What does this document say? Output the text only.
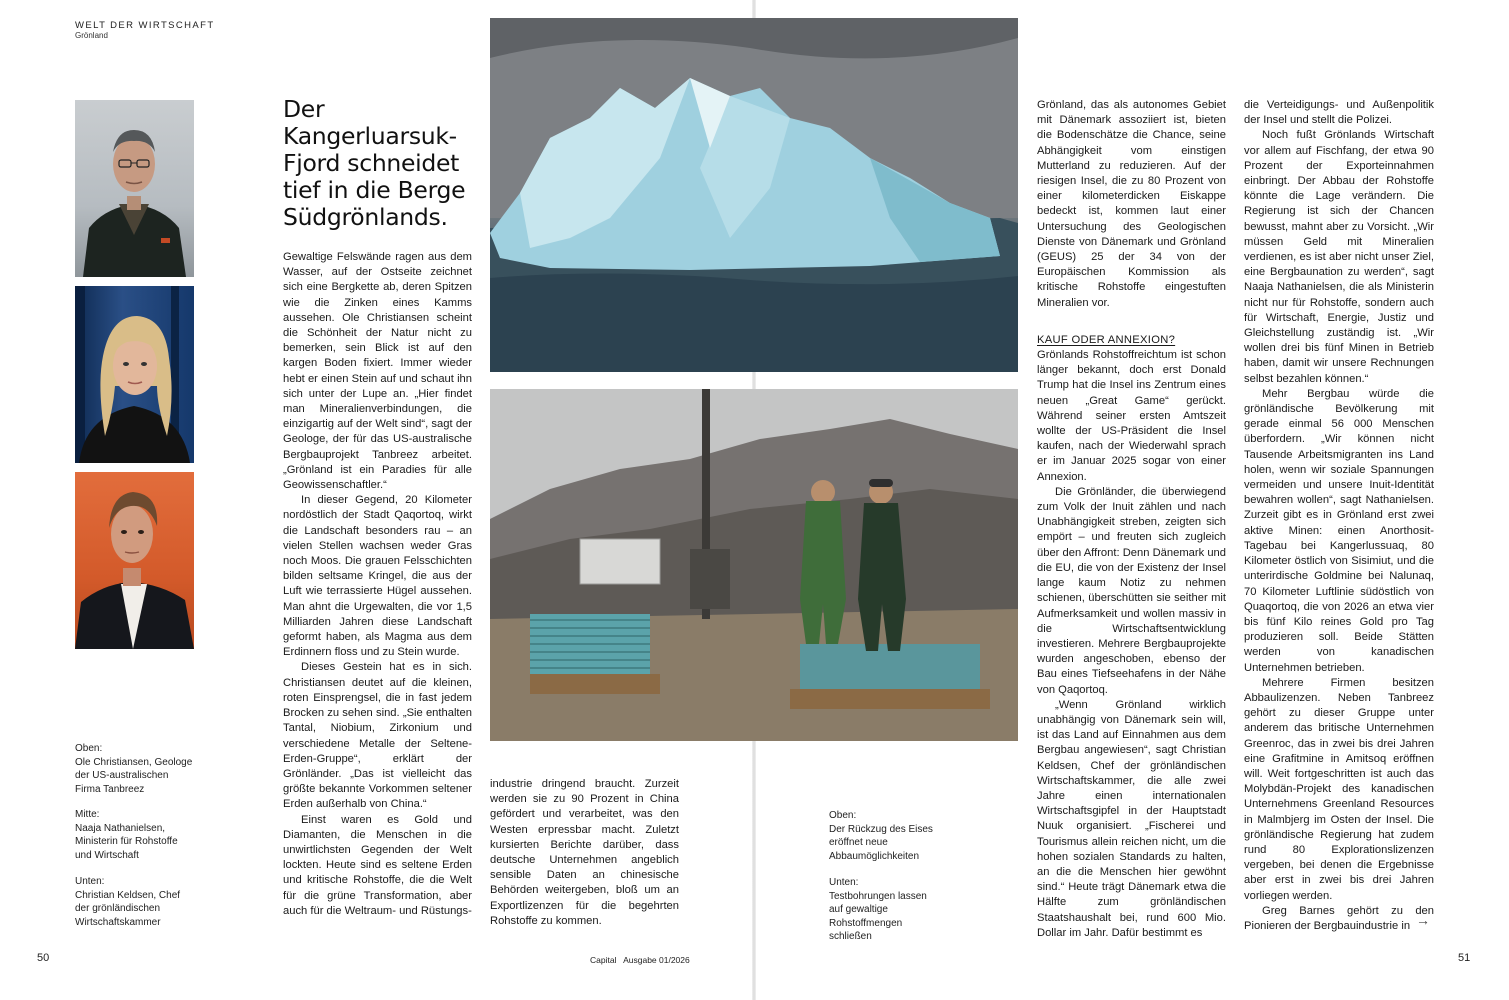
WELT DER WIRTSCHAFT
Grönland
Oben:
Ole Christiansen, Geologe der US-australischen Firma Tanbreez
Mitte:
Naaja Nathanielsen, Ministerin für Rohstoffe und Wirtschaft
Unten:
Christian Keldsen, Chef der grönländischen Wirtschaftskammer
Der Kangerluarsuk-Fjord schneidet tief in die Berge Südgrönlands.

Gewaltige Felswände ragen aus dem Wasser, auf der Ostseite zeichnet sich eine Bergkette ab, deren Spitzen wie die Zinken eines Kamms aussehen. Ole Christiansen scheint die Schönheit der Natur nicht zu bemerken, sein Blick ist auf den kargen Boden fixiert. Immer wieder hebt er einen Stein auf und schaut ihn sich unter der Lupe an. „Hier findet man Mineralienverbindungen, die einzigartig auf der Welt sind“, sagt der Geologe, der für das US-australische Bergbauprojekt Tanbreez arbeitet. „Grönland ist ein Paradies für alle Geowissenschaftler.“

In dieser Gegend, 20 Kilometer nordöstlich der Stadt Qaqortoq, wirkt die Landschaft besonders rau – an vielen Stellen wachsen weder Gras noch Moos. Die grauen Felsschichten bilden seltsame Kringel, die aus der Luft wie terrassierte Hügel aussehen. Man ahnt die Urgewalten, die vor 1,5 Milliarden Jahren diese Landschaft geformt haben, als Magma aus dem Erdinnern floss und zu Stein wurde.

Dieses Gestein hat es in sich. Christiansen deutet auf die kleinen, roten Einsprengsel, die in fast jedem Brocken zu sehen sind. „Sie enthalten Tantal, Niobium, Zirkonium und verschiedene Metalle der Seltene-Erden-Gruppe“, erklärt der Grönländer. „Das ist vielleicht das größte bekannte Vorkommen seltener Erden außerhalb von China.“

Einst waren es Gold und Diamanten, die Menschen in die unwirtlichsten Gegenden der Welt lockten. Heute sind es seltene Erden und kritische Rohstoffe, die die Welt für die grüne Transformation, aber auch für die Weltraum- und Rüstungs-

industrie dringend braucht. Zurzeit werden sie zu 90 Prozent in China gefördert und verarbeitet, was den Westen erpressbar macht. Zuletzt kursierten Berichte darüber, dass deutsche Unternehmen angeblich sensible Daten an chinesische Behörden weitergeben, bloß um an Exportlizenzen für die begehrten Rohstoffe zu kommen.

Oben:
Der Rückzug des Eises eröffnet neue Abbaumöglichkeiten
Unten:
Testbohrungen lassen auf gewaltige Rohstoffmengen schließen

Grönland, das als autonomes Gebiet mit Dänemark assoziiert ist, bieten die Bodenschätze die Chance, seine Abhängigkeit vom einstigen Mutterland zu reduzieren. Auf der riesigen Insel, die zu 80 Prozent von einer kilometerdicken Eiskappe bedeckt ist, kommen laut einer Untersuchung des Geologischen Dienste von Dänemark und Grönland (GEUS) 25 der 34 von der Europäischen Kommission als kritische Rohstoffe eingestuften Mineralien vor.

KAUF ODER ANNEXION?

Grönlands Rohstoffreichtum ist schon länger bekannt, doch erst Donald Trump hat die Insel ins Zentrum eines neuen „Great Game“ gerückt. Während seiner ersten Amtszeit wollte der US-Präsident die Insel kaufen, nach der Wiederwahl sprach er im Januar 2025 sogar von einer Annexion.

Die Grönländer, die überwiegend zum Volk der Inuit zählen und nach Unabhängigkeit streben, zeigten sich empört – und freuten sich zugleich über den Affront: Denn Dänemark und die EU, die von der Existenz der Insel lange kaum Notiz zu nehmen schienen, überschütten sie seither mit Aufmerksamkeit und wollen massiv in die Wirtschaftsentwicklung investieren. Mehrere Bergbauprojekte wurden angeschoben, ebenso der Bau eines Tiefseehafens in der Nähe von Qaqortoq.

„Wenn Grönland wirklich unabhängig von Dänemark sein will, ist das Land auf Einnahmen aus dem Bergbau angewiesen“, sagt Christian Keldsen, Chef der grönländischen Wirtschaftskammer, die alle zwei Jahre einen internationalen Wirtschaftsgipfel in der Hauptstadt Nuuk organisiert. „Fischerei und Tourismus allein reichen nicht, um die hohen sozialen Standards zu halten, an die die Menschen hier gewöhnt sind.“ Heute trägt Dänemark etwa die Hälfte zum grönländischen Staatshaushalt bei, rund 600 Mio. Dollar im Jahr. Dafür bestimmt es

die Verteidigungs- und Außenpolitik der Insel und stellt die Polizei.

Noch fußt Grönlands Wirtschaft vor allem auf Fischfang, der etwa 90 Prozent der Exporteinnahmen einbringt. Der Abbau der Rohstoffe könnte die Lage verändern. Die Regierung ist sich der Chancen bewusst, mahnt aber zu Vorsicht. „Wir müssen Geld mit Mineralien verdienen, es ist aber nicht unser Ziel, eine Bergbaunation zu werden“, sagt Naaja Nathanielsen, die als Ministerin nicht nur für Rohstoffe, sondern auch für Wirtschaft, Energie, Justiz und Gleichstellung zuständig ist. „Wir wollen drei bis fünf Minen in Betrieb haben, damit wir unsere Rechnungen selbst bezahlen können.“

Mehr Bergbau würde die grönländische Bevölkerung mit gerade einmal 56 000 Menschen überfordern. „Wir können nicht Tausende Arbeitsmigranten ins Land holen, wenn wir soziale Spannungen vermeiden und unsere Inuit-Identität bewahren wollen“, sagt Nathanielsen. Zurzeit gibt es in Grönland erst zwei aktive Minen: einen Anorthosit-Tagebau bei Kangerlussuaq, 80 Kilometer östlich von Sisimiut, und die unterirdische Goldmine bei Nalunaq, 70 Kilometer Luftlinie südöstlich von Quaqortoq, die von 2026 an etwa vier bis fünf Kilo reines Gold pro Tag produzieren soll. Beide Stätten werden von kanadischen Unternehmen betrieben.

Mehrere Firmen besitzen Abbaulizenzen. Neben Tanbreez gehört zu dieser Gruppe unter anderem das britische Unternehmen Greenroc, das in zwei bis drei Jahren eine Grafitmine in Amitsoq eröffnen will. Weit fortgeschritten ist auch das Molybdän-Projekt des kanadischen Unternehmens Greenland Resources in Malmbjerg im Osten der Insel. Die grönländische Regierung hat zudem rund 80 Explorationslizenzen vergeben, bei denen die Ergebnisse aber erst in zwei bis drei Jahren vorliegen werden.

Greg Barnes gehört zu den Pionieren der Bergbauindustrie in →
50	51
Capital Ausgabe 01/2026
